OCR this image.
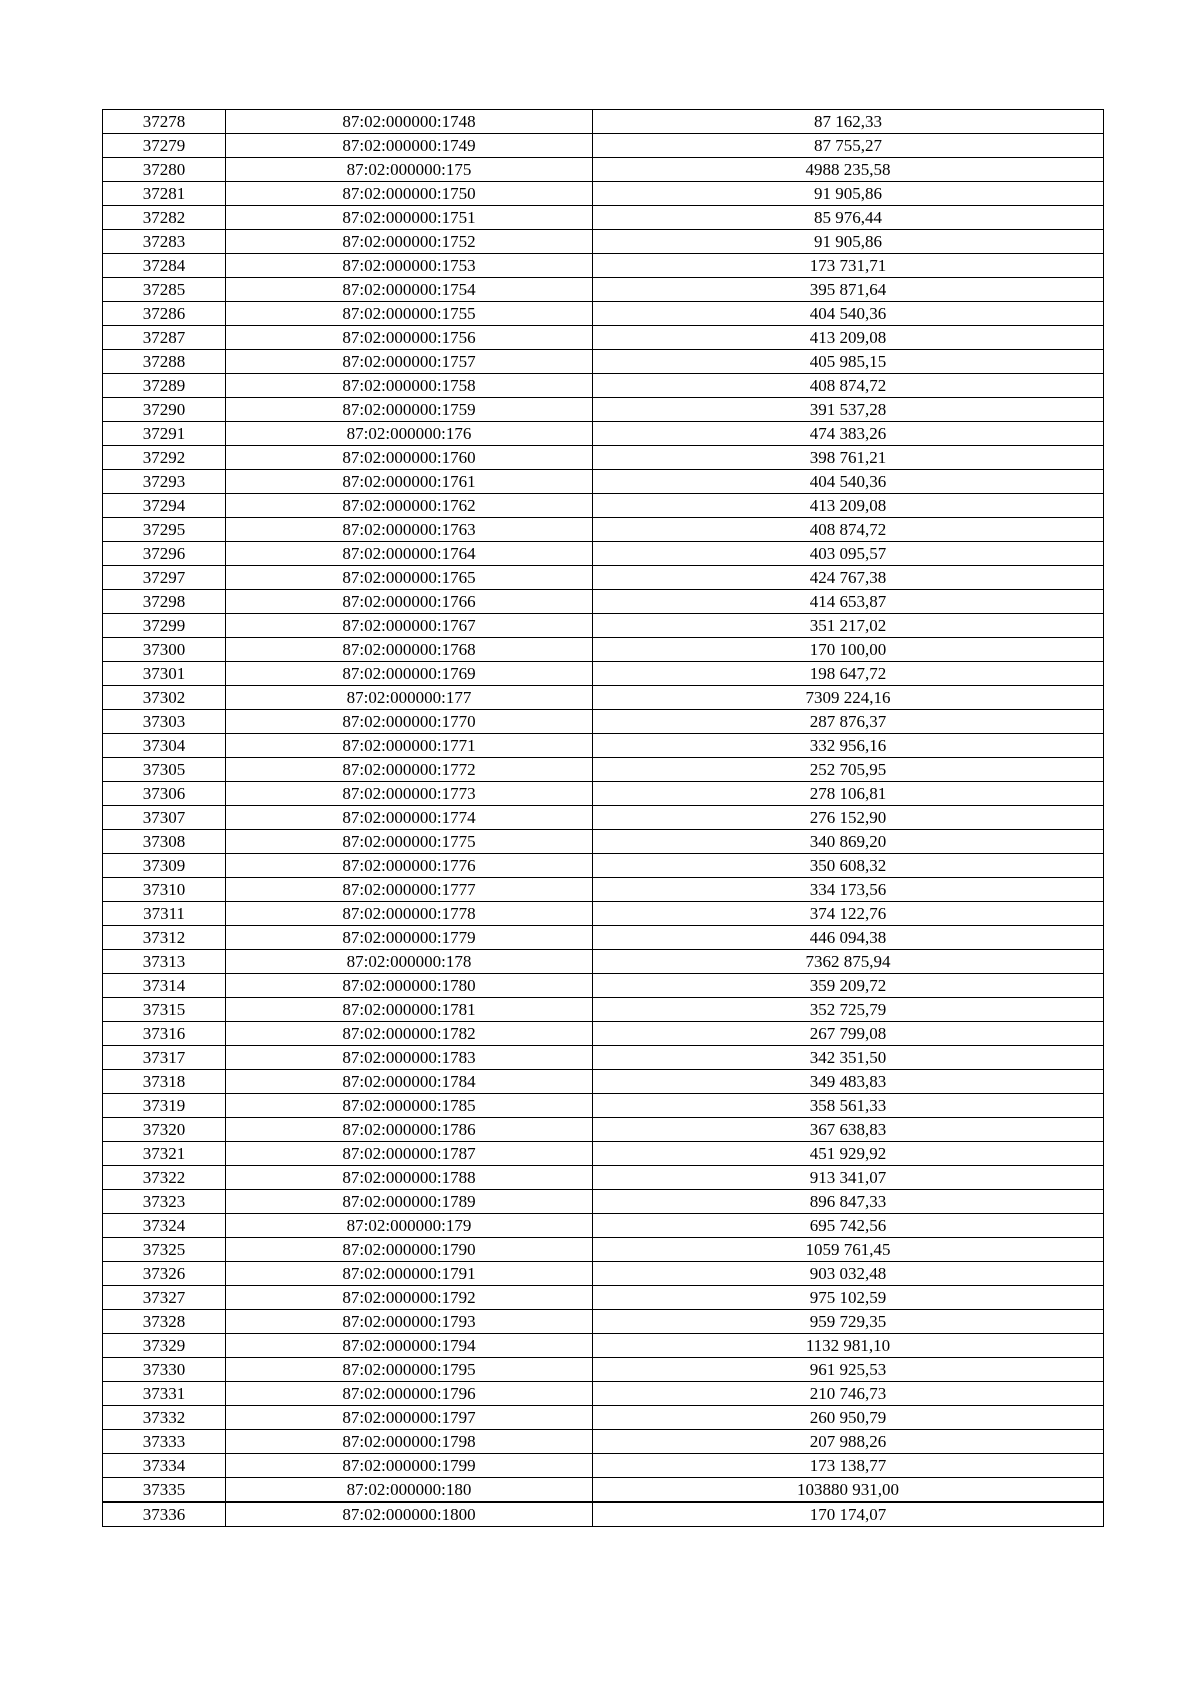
37278	87:02:000000:1748	87 162,33
37279	87:02:000000:1749	87 755,27
37280	87:02:000000:175	4988 235,58
37281	87:02:000000:1750	91 905,86
37282	87:02:000000:1751	85 976,44
37283	87:02:000000:1752	91 905,86
37284	87:02:000000:1753	173 731,71
37285	87:02:000000:1754	395 871,64
37286	87:02:000000:1755	404 540,36
37287	87:02:000000:1756	413 209,08
37288	87:02:000000:1757	405 985,15
37289	87:02:000000:1758	408 874,72
37290	87:02:000000:1759	391 537,28
37291	87:02:000000:176	474 383,26
37292	87:02:000000:1760	398 761,21
37293	87:02:000000:1761	404 540,36
37294	87:02:000000:1762	413 209,08
37295	87:02:000000:1763	408 874,72
37296	87:02:000000:1764	403 095,57
37297	87:02:000000:1765	424 767,38
37298	87:02:000000:1766	414 653,87
37299	87:02:000000:1767	351 217,02
37300	87:02:000000:1768	170 100,00
37301	87:02:000000:1769	198 647,72
37302	87:02:000000:177	7309 224,16
37303	87:02:000000:1770	287 876,37
37304	87:02:000000:1771	332 956,16
37305	87:02:000000:1772	252 705,95
37306	87:02:000000:1773	278 106,81
37307	87:02:000000:1774	276 152,90
37308	87:02:000000:1775	340 869,20
37309	87:02:000000:1776	350 608,32
37310	87:02:000000:1777	334 173,56
37311	87:02:000000:1778	374 122,76
37312	87:02:000000:1779	446 094,38
37313	87:02:000000:178	7362 875,94
37314	87:02:000000:1780	359 209,72
37315	87:02:000000:1781	352 725,79
37316	87:02:000000:1782	267 799,08
37317	87:02:000000:1783	342 351,50
37318	87:02:000000:1784	349 483,83
37319	87:02:000000:1785	358 561,33
37320	87:02:000000:1786	367 638,83
37321	87:02:000000:1787	451 929,92
37322	87:02:000000:1788	913 341,07
37323	87:02:000000:1789	896 847,33
37324	87:02:000000:179	695 742,56
37325	87:02:000000:1790	1059 761,45
37326	87:02:000000:1791	903 032,48
37327	87:02:000000:1792	975 102,59
37328	87:02:000000:1793	959 729,35
37329	87:02:000000:1794	1132 981,10
37330	87:02:000000:1795	961 925,53
37331	87:02:000000:1796	210 746,73
37332	87:02:000000:1797	260 950,79
37333	87:02:000000:1798	207 988,26
37334	87:02:000000:1799	173 138,77
37335	87:02:000000:180	103880 931,00
37336	87:02:000000:1800	170 174,07
